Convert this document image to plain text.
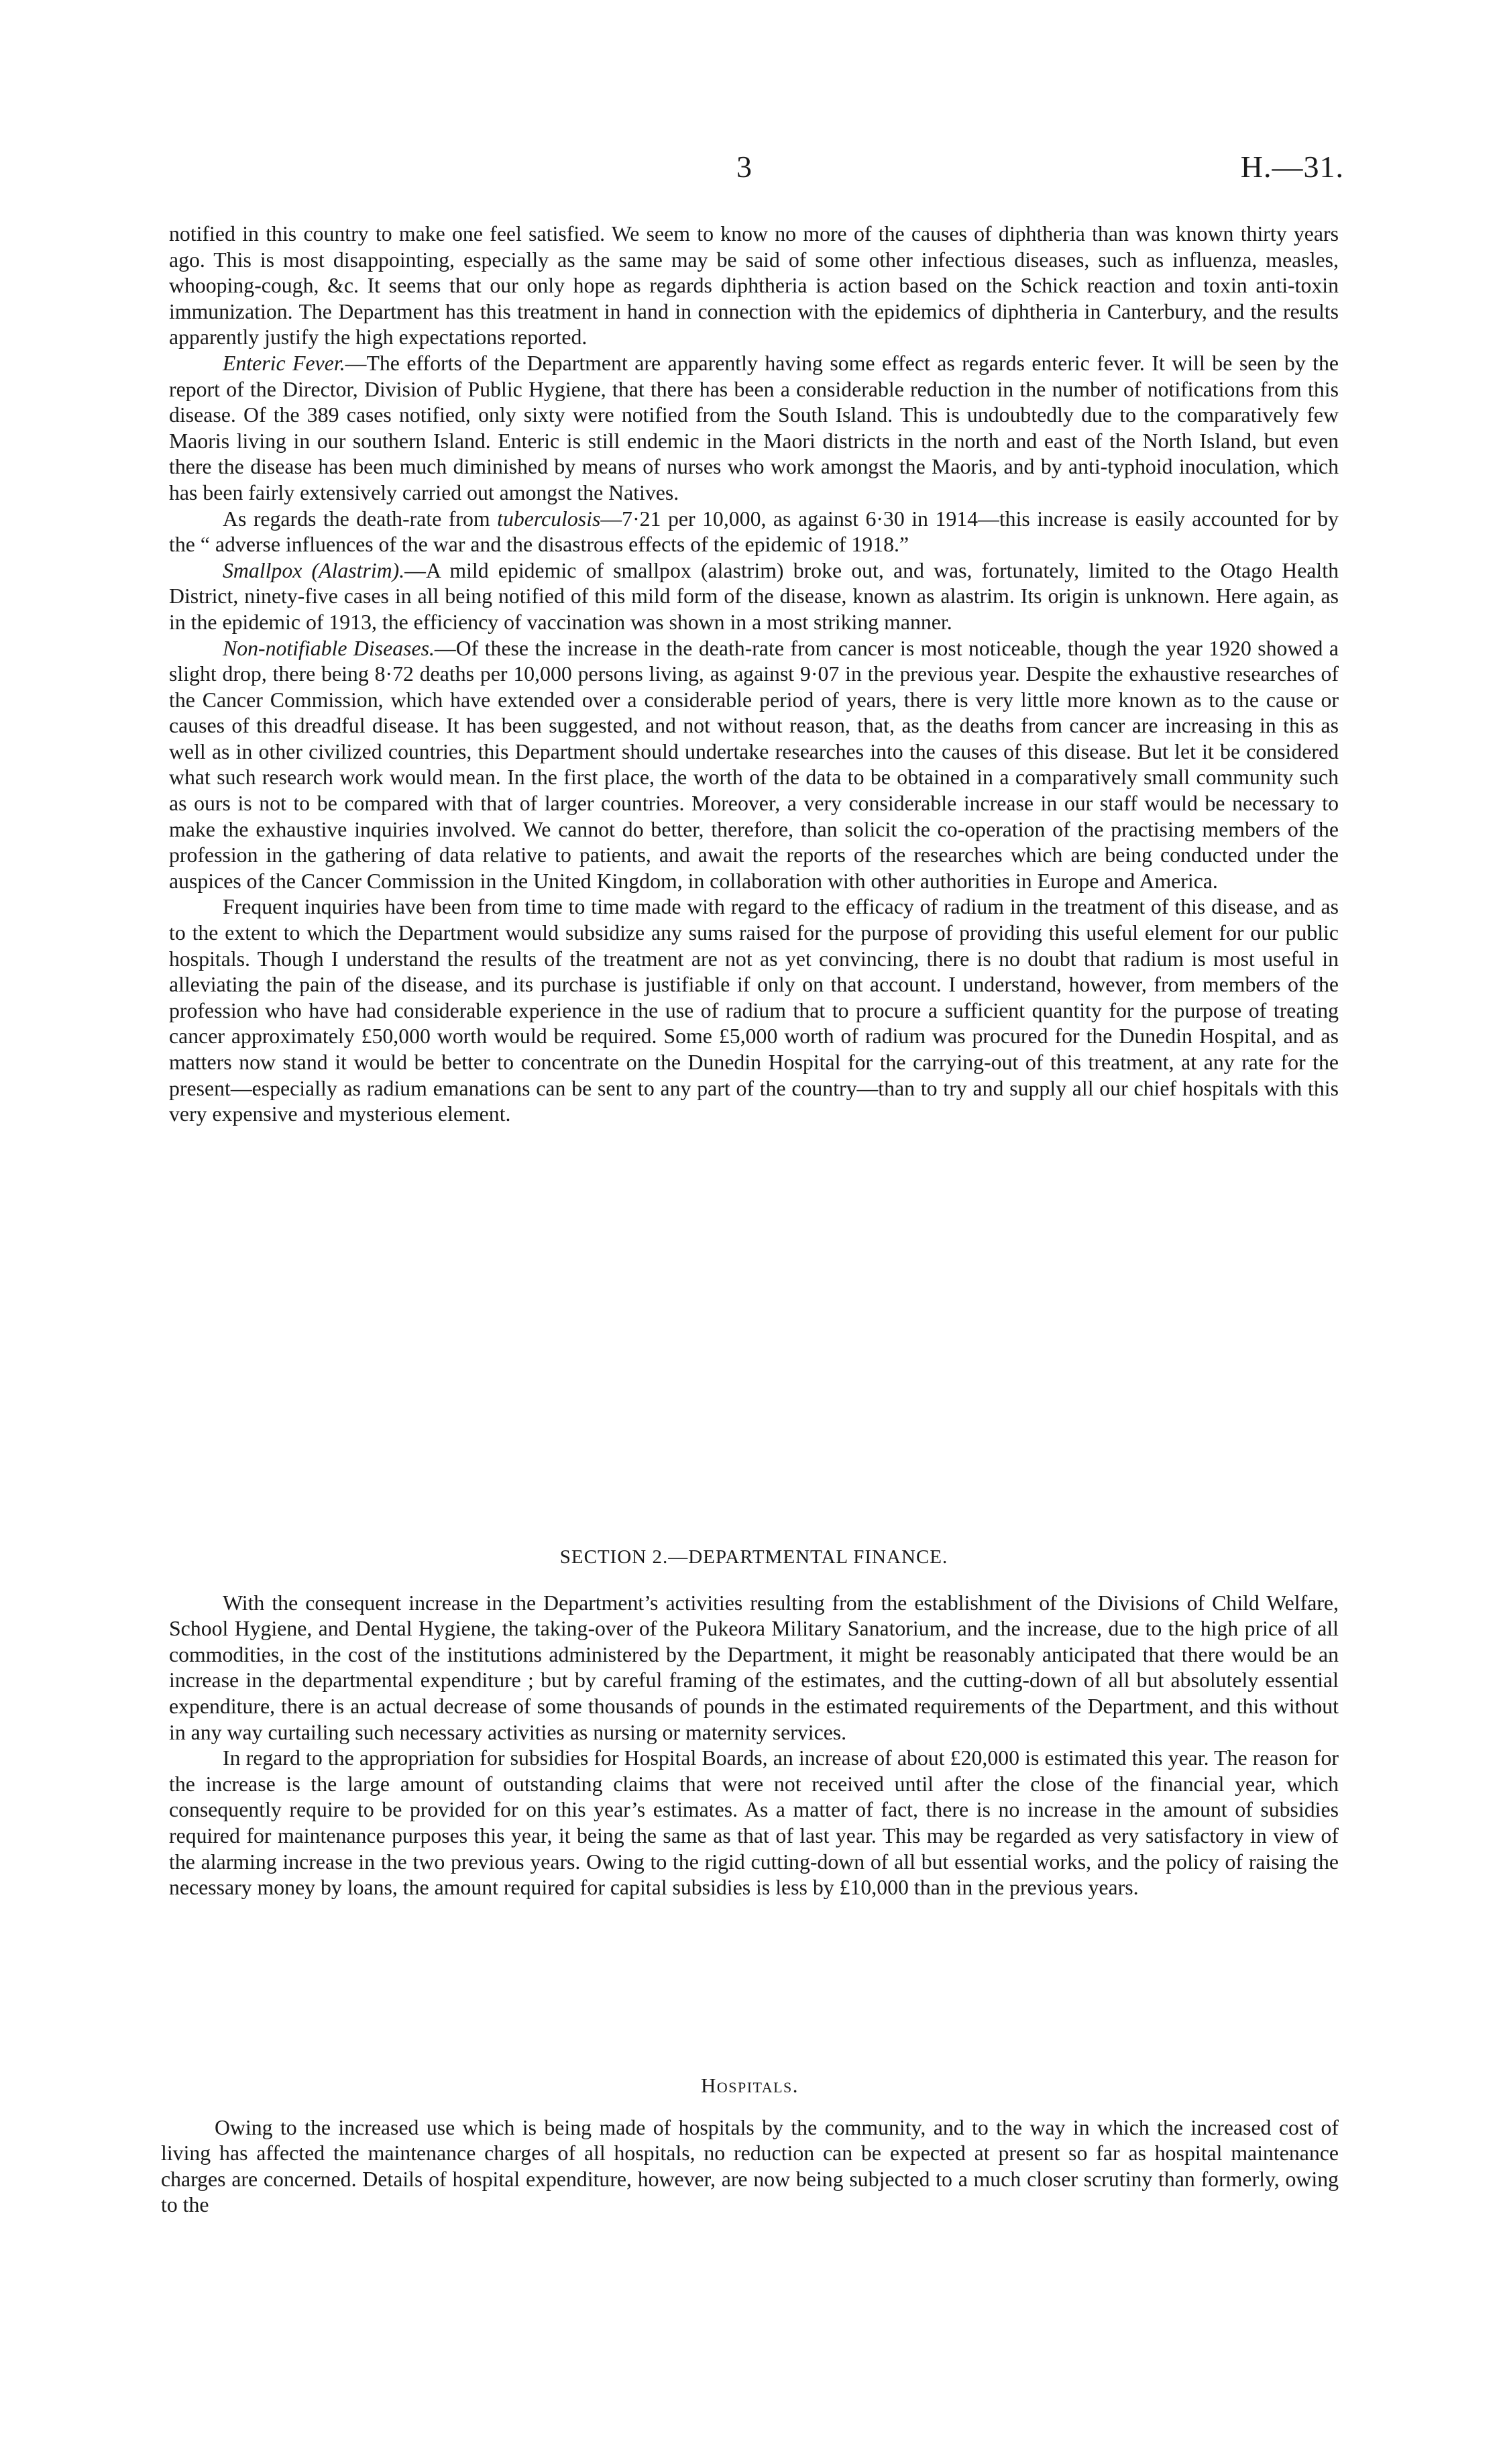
3	H.—31.

notified in this country to make one feel satisfied. We seem to know no more of the causes of diphtheria than was known thirty years ago. This is most disappointing, especially as the same may be said of some other infectious diseases, such as influenza, measles, whooping-cough, &c. It seems that our only hope as regards diphtheria is action based on the Schick reaction and toxin anti-toxin immunization. The Department has this treatment in hand in connection with the epidemics of diphtheria in Canterbury, and the results apparently justify the high expectations reported.

Enteric Fever.—The efforts of the Department are apparently having some effect as regards enteric fever. It will be seen by the report of the Director, Division of Public Hygiene, that there has been a considerable reduction in the number of notifications from this disease. Of the 389 cases notified, only sixty were notified from the South Island. This is undoubtedly due to the comparatively few Maoris living in our southern Island. Enteric is still endemic in the Maori districts in the north and east of the North Island, but even there the disease has been much diminished by means of nurses who work amongst the Maoris, and by anti-typhoid inoculation, which has been fairly extensively carried out amongst the Natives.

As regards the death-rate from tuberculosis—7·21 per 10,000, as against 6·30 in 1914—this increase is easily accounted for by the “ adverse influences of the war and the disastrous effects of the epidemic of 1918.”

Smallpox (Alastrim).—A mild epidemic of smallpox (alastrim) broke out, and was, fortunately, limited to the Otago Health District, ninety-five cases in all being notified of this mild form of the disease, known as alastrim. Its origin is unknown. Here again, as in the epidemic of 1913, the efficiency of vaccination was shown in a most striking manner.

Non-notifiable Diseases.—Of these the increase in the death-rate from cancer is most noticeable, though the year 1920 showed a slight drop, there being 8·72 deaths per 10,000 persons living, as against 9·07 in the previous year. Despite the exhaustive researches of the Cancer Commission, which have extended over a considerable period of years, there is very little more known as to the cause or causes of this dreadful disease. It has been suggested, and not without reason, that, as the deaths from cancer are increasing in this as well as in other civilized countries, this Department should undertake researches into the causes of this disease. But let it be considered what such research work would mean. In the first place, the worth of the data to be obtained in a comparatively small community such as ours is not to be compared with that of larger countries. Moreover, a very considerable increase in our staff would be necessary to make the exhaustive inquiries involved. We cannot do better, therefore, than solicit the co-operation of the practising members of the profession in the gathering of data relative to patients, and await the reports of the researches which are being conducted under the auspices of the Cancer Commission in the United Kingdom, in collaboration with other authorities in Europe and America.

Frequent inquiries have been from time to time made with regard to the efficacy of radium in the treatment of this disease, and as to the extent to which the Department would subsidize any sums raised for the purpose of providing this useful element for our public hospitals. Though I understand the results of the treatment are not as yet convincing, there is no doubt that radium is most useful in alleviating the pain of the disease, and its purchase is justifiable if only on that account. I understand, however, from members of the profession who have had considerable experience in the use of radium that to procure a sufficient quantity for the purpose of treating cancer approximately £50,000 worth would be required. Some £5,000 worth of radium was procured for the Dunedin Hospital, and as matters now stand it would be better to concentrate on the Dunedin Hospital for the carrying-out of this treatment, at any rate for the present—especially as radium emanations can be sent to any part of the country—than to try and supply all our chief hospitals with this very expensive and mysterious element.

SECTION 2.—DEPARTMENTAL FINANCE.

With the consequent increase in the Department’s activities resulting from the establishment of the Divisions of Child Welfare, School Hygiene, and Dental Hygiene, the taking-over of the Pukeora Military Sanatorium, and the increase, due to the high price of all commodities, in the cost of the institutions administered by the Department, it might be reasonably anticipated that there would be an increase in the departmental expenditure ; but by careful framing of the estimates, and the cutting-down of all but absolutely essential expenditure, there is an actual decrease of some thousands of pounds in the estimated requirements of the Department, and this without in any way curtailing such necessary activities as nursing or maternity services.

In regard to the appropriation for subsidies for Hospital Boards, an increase of about £20,000 is estimated this year. The reason for the increase is the large amount of outstanding claims that were not received until after the close of the financial year, which consequently require to be provided for on this year’s estimates. As a matter of fact, there is no increase in the amount of subsidies required for maintenance purposes this year, it being the same as that of last year. This may be regarded as very satisfactory in view of the alarming increase in the two previous years. Owing to the rigid cutting-down of all but essential works, and the policy of raising the necessary money by loans, the amount required for capital subsidies is less by £10,000 than in the previous years.

Hospitals.

Owing to the increased use which is being made of hospitals by the community, and to the way in which the increased cost of living has affected the maintenance charges of all hospitals, no reduction can be expected at present so far as hospital maintenance charges are concerned. Details of hospital expenditure, however, are now being subjected to a much closer scrutiny than formerly, owing to the
